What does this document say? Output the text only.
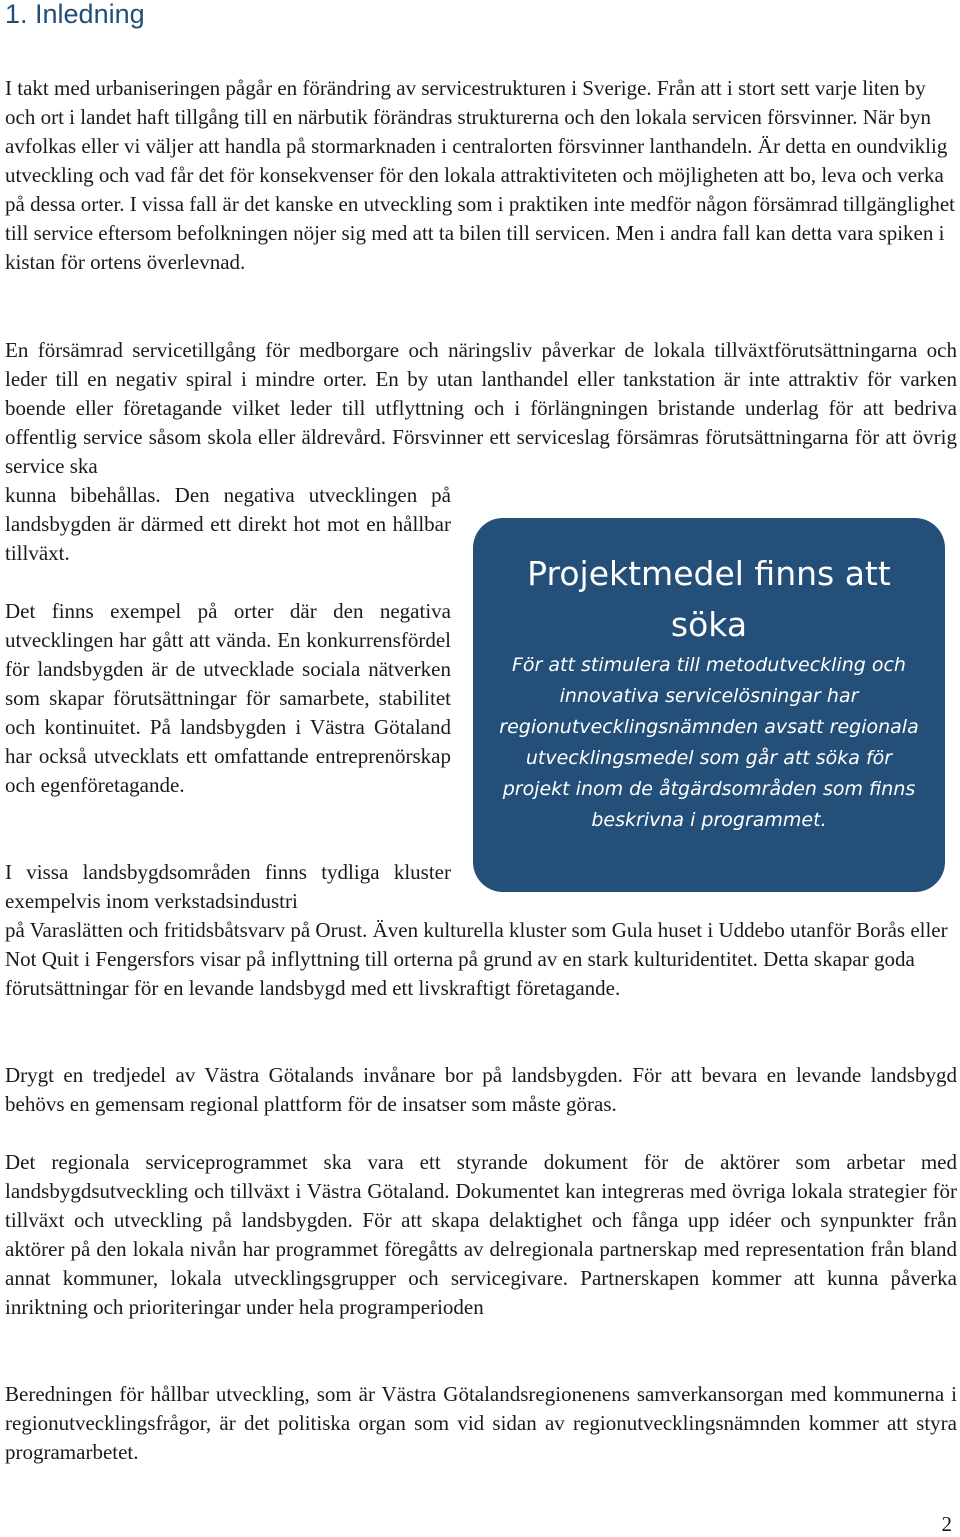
1. Inledning

I takt med urbaniseringen pågår en förändring av servicestrukturen i Sverige. Från att i stort sett varje liten by och ort i landet haft tillgång till en närbutik förändras strukturerna och den lokala servicen försvinner. När byn avfolkas eller vi väljer att handla på stormarknaden i centralorten försvinner lanthandeln. Är detta en oundviklig utveckling och vad får det för konsekvenser för den lokala attraktiviteten och möjligheten att bo, leva och verka på dessa orter. I vissa fall är det kanske en utveckling som i praktiken inte medför någon försämrad tillgänglighet till service eftersom befolkningen nöjer sig med att ta bilen till servicen. Men i andra fall kan detta vara spiken i kistan för ortens överlevnad.

En försämrad servicetillgång för medborgare och näringsliv påverkar de lokala tillväxtförutsättningarna och leder till en negativ spiral i mindre orter. En by utan lanthandel eller tankstation är inte attraktiv för varken boende eller företagande vilket leder till utflyttning och i förlängningen bristande underlag för att bedriva offentlig service såsom skola eller äldrevård. Försvinner ett serviceslag försämras förutsättningarna för att övrig service ska

kunna bibehållas. Den negativa utvecklingen på landsbygden är därmed ett direkt hot mot en hållbar tillväxt.

Det finns exempel på orter där den negativa utvecklingen har gått att vända. En konkurrensfördel för landsbygden är de utvecklade sociala nätverken som skapar förutsättningar för samarbete, stabilitet och kontinuitet. På landsbygden i Västra Götaland har också utvecklats ett omfattande entreprenörskap och egenföretagande.

I vissa landsbygdsområden finns tydliga kluster exempelvis inom verkstadsindustri

på Varaslätten och fritidsbåtsvarv på Orust. Även kulturella kluster som Gula huset i Uddebo utanför Borås eller Not Quit i Fengersfors visar på inflyttning till orterna på grund av en stark kulturidentitet. Detta skapar goda förutsättningar för en levande landsbygd med ett livskraftigt företagande.

Drygt en tredjedel av Västra Götalands invånare bor på landsbygden. För att bevara en levande landsbygd behövs en gemensam regional plattform för de insatser som måste göras.

Det regionala serviceprogrammet ska vara ett styrande dokument för de aktörer som arbetar med landsbygdsutveckling och tillväxt i Västra Götaland. Dokumentet kan integreras med övriga lokala strategier för tillväxt och utveckling på landsbygden. För att skapa delaktighet och fånga upp idéer och synpunkter från aktörer på den lokala nivån har programmet föregåtts av delregionala partnerskap med representation från bland annat kommuner, lokala utvecklingsgrupper och servicegivare. Partnerskapen kommer att kunna påverka inriktning och prioriteringar under hela programperioden

Beredningen för hållbar utveckling, som är Västra Götalandsregionenens samverkansorgan med kommunerna i regionutvecklingsfrågor, är det politiska organ som vid sidan av regionutvecklingsnämnden kommer att styra programarbetet.

Projektmedel finns att söka

För att stimulera till metodutveckling och innovativa servicelösningar har regionutvecklingsnämnden avsatt regionala utvecklingsmedel som går att söka för projekt inom de åtgärdsområden som finns beskrivna i programmet.

2
